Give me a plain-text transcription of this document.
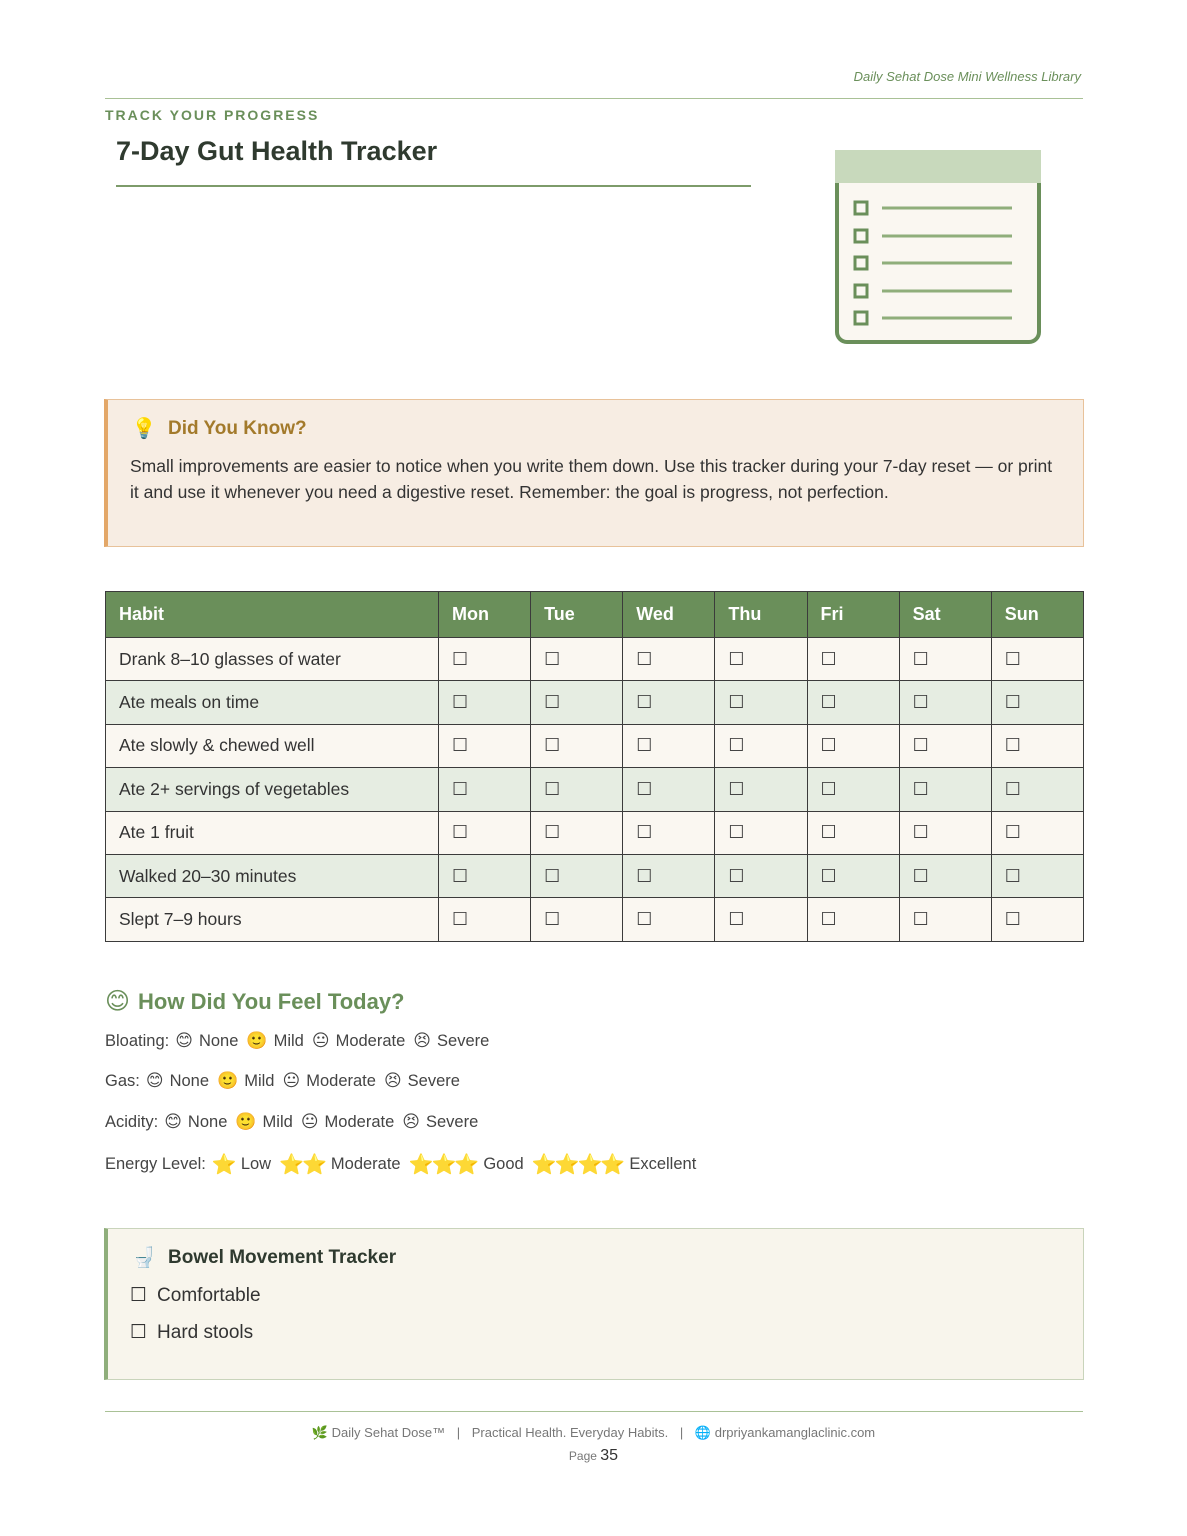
Daily Sehat Dose Mini Wellness Library
TRACK YOUR PROGRESS
7-Day Gut Health Tracker
💡 Did You Know?
Small improvements are easier to notice when you write them down. Use this tracker during your 7-day reset — or print it and use it whenever you need a digestive reset. Remember: the goal is progress, not perfection.
Habit	Mon	Tue	Wed	Thu	Fri	Sat	Sun
Drank 8–10 glasses of water	☐	☐	☐	☐	☐	☐	☐
Ate meals on time	☐	☐	☐	☐	☐	☐	☐
Ate slowly & chewed well	☐	☐	☐	☐	☐	☐	☐
Ate 2+ servings of vegetables	☐	☐	☐	☐	☐	☐	☐
Ate 1 fruit	☐	☐	☐	☐	☐	☐	☐
Walked 20–30 minutes	☐	☐	☐	☐	☐	☐	☐
Slept 7–9 hours	☐	☐	☐	☐	☐	☐	☐
😊 How Did You Feel Today?
Bloating: 😊 None 🙂 Mild 😐 Moderate 😣 Severe
Gas: 😊 None 🙂 Mild 😐 Moderate 😣 Severe
Acidity: 😊 None 🙂 Mild 😐 Moderate 😣 Severe
Energy Level: ⭐ Low ⭐⭐ Moderate ⭐⭐⭐ Good ⭐⭐⭐⭐ Excellent
🚽 Bowel Movement Tracker
☐ Comfortable
☐ Hard stools
🌿 Daily Sehat Dose™ | Practical Health. Everyday Habits. | 🌐 drpriyankamanglaclinic.com
Page 35
